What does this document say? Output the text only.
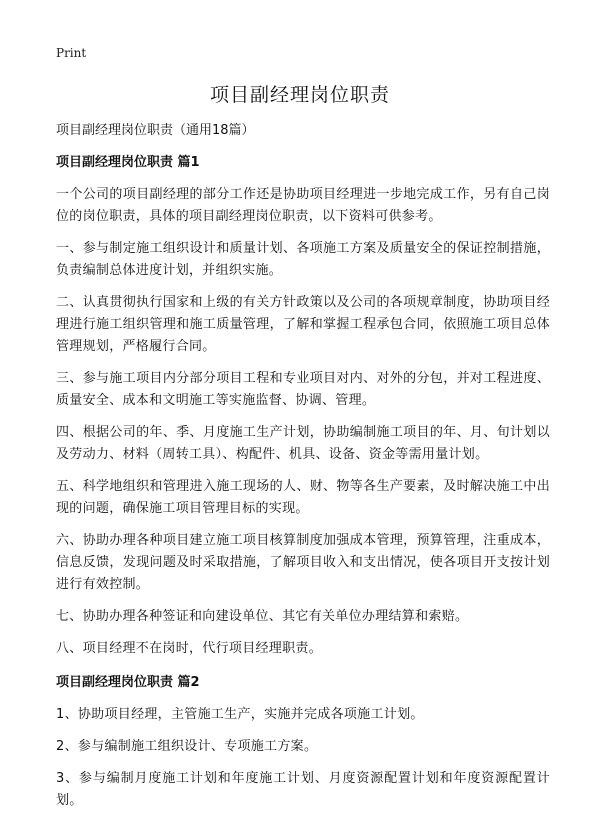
Print
项目副经理岗位职责
项目副经理岗位职责（通用18篇）
项目副经理岗位职责 篇1

一个公司的项目副经理的部分工作还是协助项目经理进一步地完成工作，另有自己岗位的岗位职责，具体的项目副经理岗位职责，以下资料可供参考。

一、参与制定施工组织设计和质量计划、各项施工方案及质量安全的保证控制措施，负责编制总体进度计划，并组织实施。

二、认真贯彻执行国家和上级的有关方针政策以及公司的各项规章制度，协助项目经理进行施工组织管理和施工质量管理，了解和掌握工程承包合同，依照施工项目总体管理规划，严格履行合同。

三、参与施工项目内分部分项目工程和专业项目对内、对外的分包，并对工程进度、质量安全、成本和文明施工等实施监督、协调、管理。

四、根据公司的年、季、月度施工生产计划，协助编制施工项目的年、月、旬计划以及劳动力、材料（周转工具）、构配件、机具、设备、资金等需用量计划。

五、科学地组织和管理进入施工现场的人、财、物等各生产要素，及时解决施工中出现的问题，确保施工项目管理目标的实现。

六、协助办理各种项目建立施工项目核算制度加强成本管理，预算管理，注重成本，信息反馈，发现问题及时采取措施，了解项目收入和支出情况，使各项目开支按计划进行有效控制。

七、协助办理各种签证和向建设单位、其它有关单位办理结算和索赔。

八、项目经理不在岗时，代行项目经理职责。

项目副经理岗位职责 篇2

1、协助项目经理，主管施工生产，实施并完成各项施工计划。

2、参与编制施工组织设计、专项施工方案。

3、参与编制月度施工计划和年度施工计划、月度资源配置计划和年度资源配置计划。
